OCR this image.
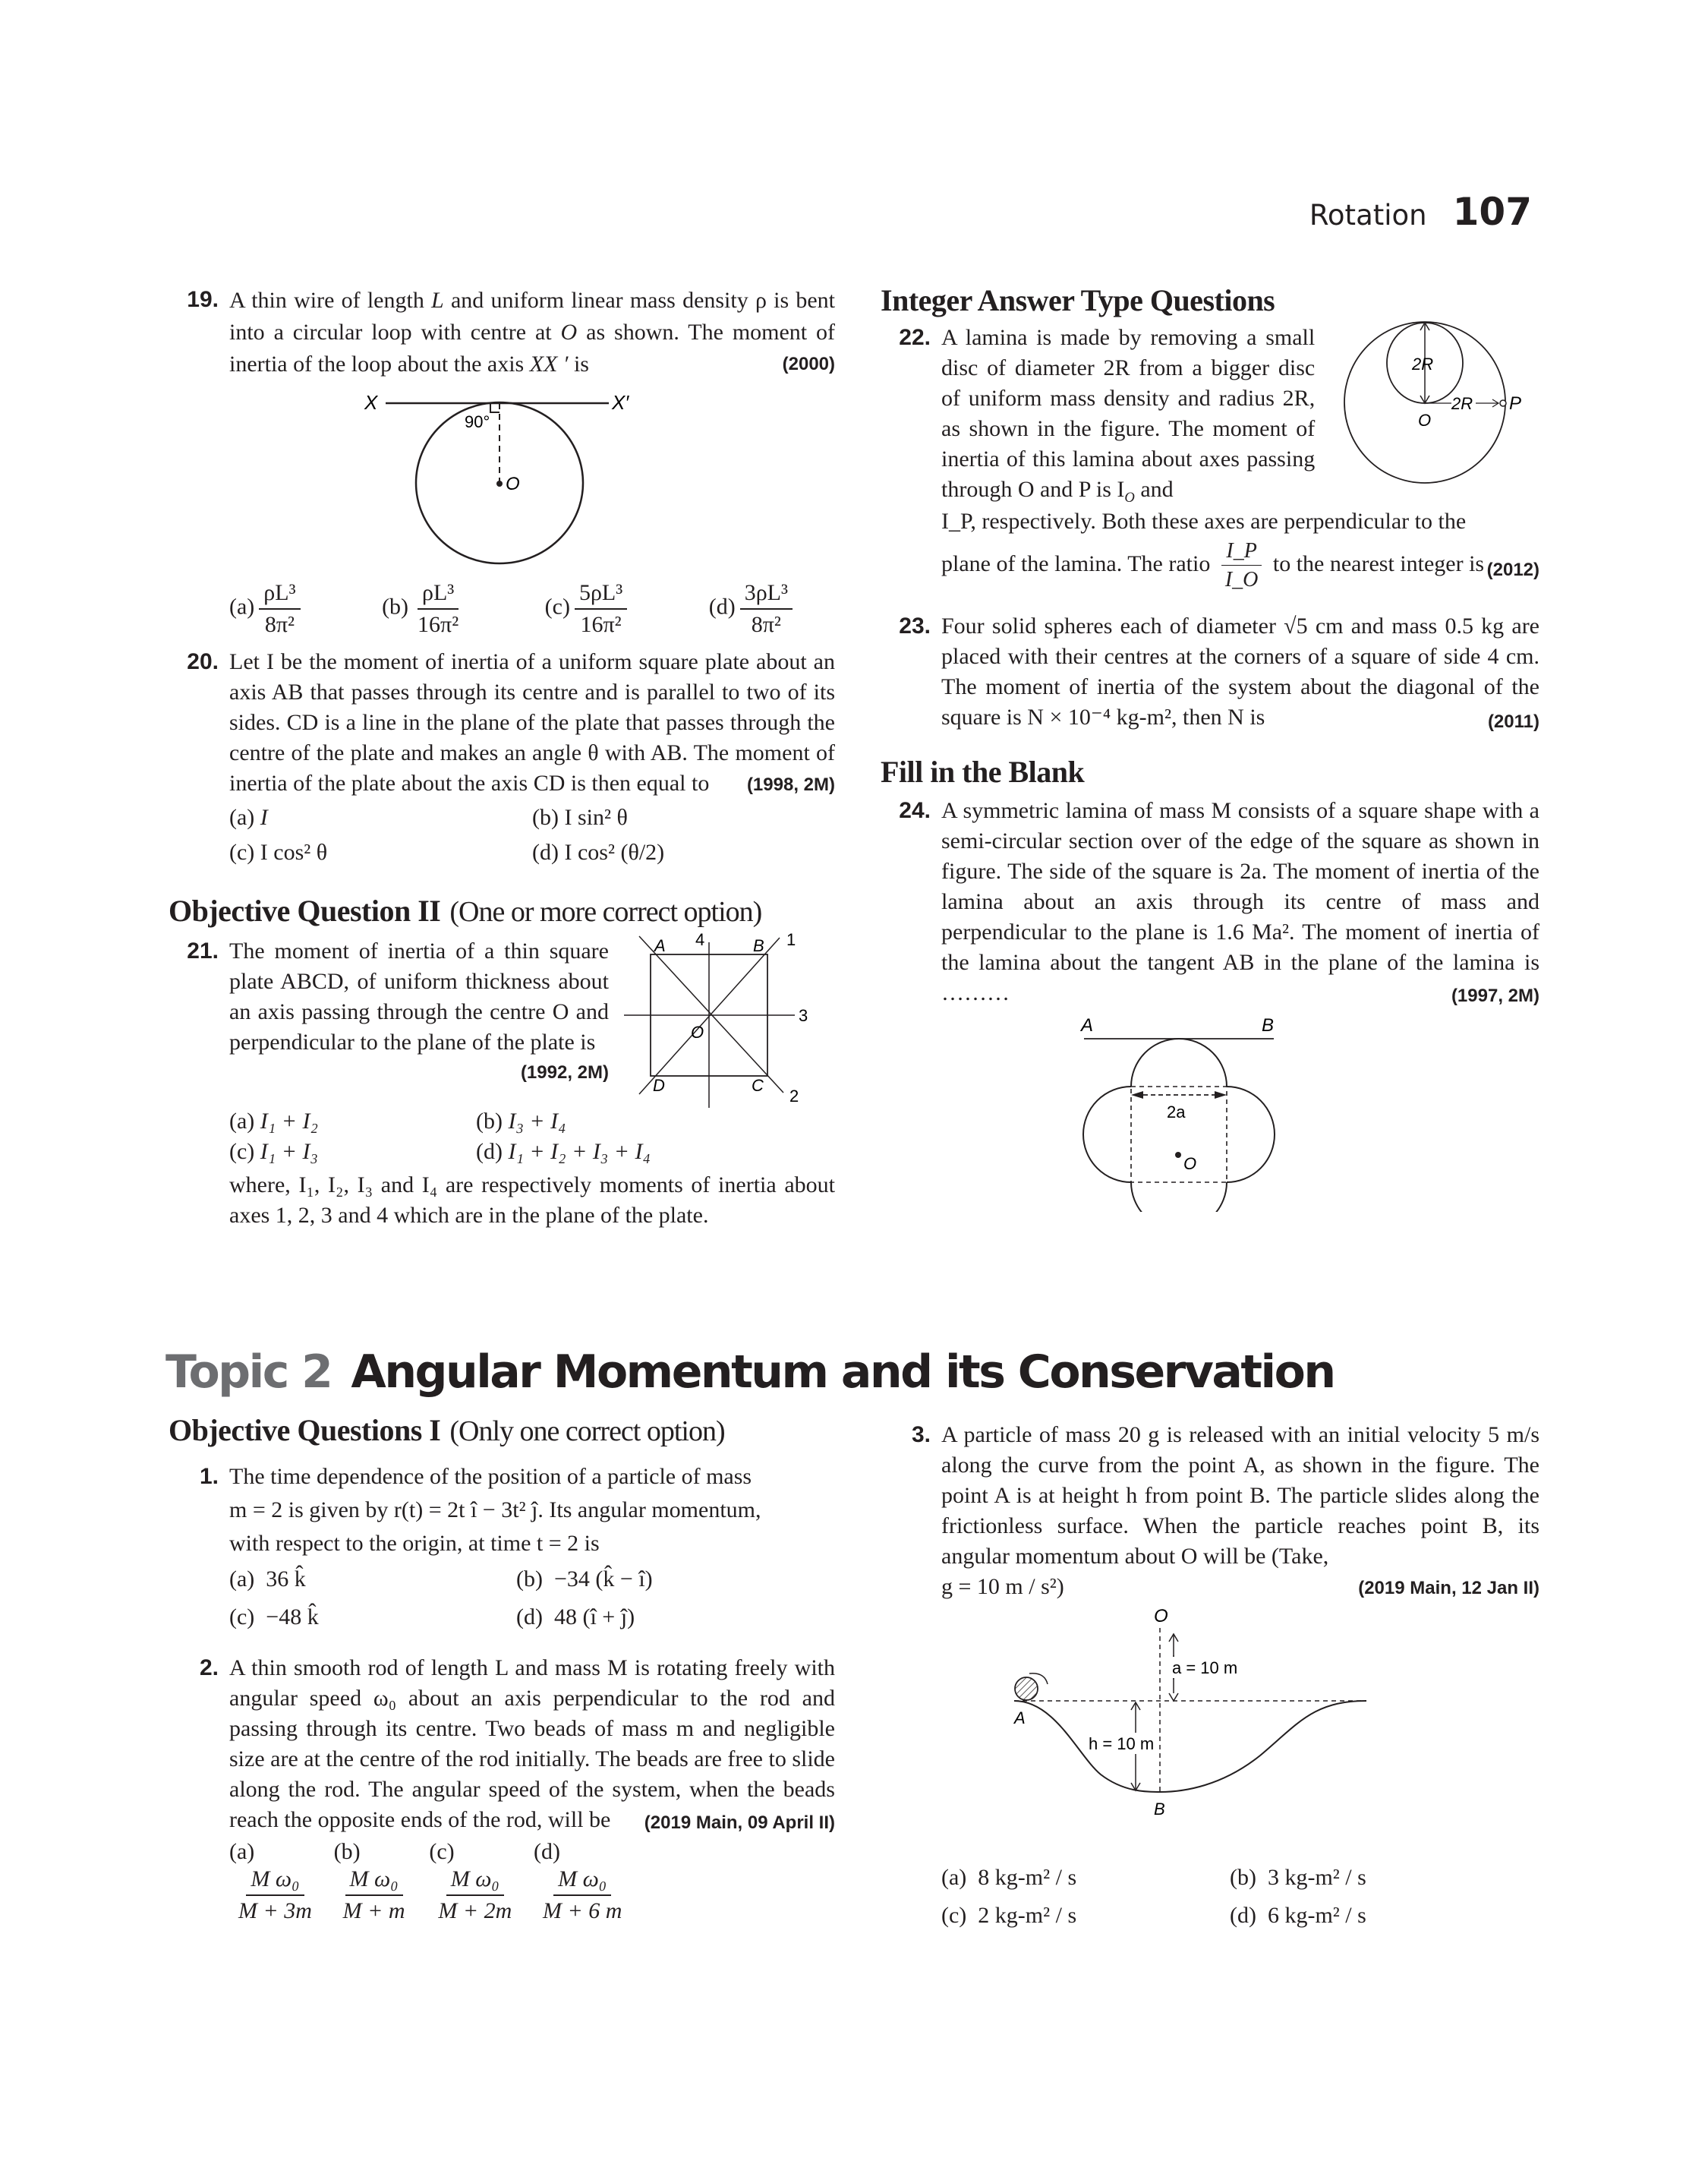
Rotation 107
19. A thin wire of length L and uniform linear mass density ρ is bent into a circular loop with centre at O as shown. The moment of inertia of the loop about the axis XX ′ is	(2000)
X	X′
90°
O
$(a) \frac{\text{ρL³}}{\text{8π²}}$	$(b) \frac{\text{ρL³}}{\text{16π²}}$	$(c) \frac{\text{5ρL³}}{\text{16π²}}$	$(d) \frac{\text{3ρL³}}{\text{8π²}}$
20. Let I be the moment of inertia of a uniform square plate about an axis AB that passes through its centre and is parallel to two of its sides. CD is a line in the plane of the plate that passes through the centre of the plate and makes an angle θ with AB. The moment of inertia of the plate about the axis CD is then equal to (1998, 2M)
(a) I	(b) I sin² θ
(c) I cos² θ	(d) I cos² (θ/2)
Objective Question II (One or more correct option)
21. The moment of inertia of a thin square plate ABCD, of uniform thickness about an axis passing through the centre O and perpendicular to the plane of the plate is
(1992, 2M)
A	B
C
D
O
1
2
3
4
(a) I₁ + I₂	(b) I₃ + I₄
(c) I₁ + I₃	(d) I₁ + I₂ + I₃ + I₄
where, I₁, I₂, I₃ and I₄ are respectively moments of inertia about axes 1, 2, 3 and 4 which are in the plane of the plate.
Integer Answer Type Questions
22. A lamina is made by removing a small disc of diameter 2R from a bigger disc of uniform mass density and radius 2R, as shown in the figure. The moment of inertia of this lamina about axes passing through O and P is $I_O$ and
2R
2R P
O
I_P, respectively. Both these axes are perpendicular to the
plane of the lamina. The ratio $\frac{I\_P}{I\_O}$ to the nearest integer is (2012)
23. Four solid spheres each of diameter √5 cm and mass 0.5 kg are placed with their centres at the corners of a square of side 4 cm. The moment of inertia of the system about the diagonal of the square is N × 10⁻⁴ kg-m², then N is	(2011)
Fill in the Blank
24. A symmetric lamina of mass M consists of a square shape with a semi-circular section over of the edge of the square as shown in figure. The side of the square is 2a. The moment of inertia of the lamina about an axis through its centre of mass and perpendicular to the plane is 1.6 Ma². The moment of inertia of the lamina about the tangent AB in the plane of the lamina is ………	(1997, 2M)
A	B
2a
O
Topic 2 Angular Momentum and its Conservation
Objective Questions I (Only one correct option)
1. The time dependence of the position of a particle of mass
m = 2 is given by r(t) = 2t î − 3t² ĵ. Its angular momentum,
with respect to the origin, at time t = 2 is
(a) 36 k̂	(b) −34 (k̂ − î)
(c) −48 k̂	(d) 48 (î + ĵ)
2. A thin smooth rod of length L and mass M is rotating freely with angular speed ω₀ about an axis perpendicular to the rod and passing through its centre. Two beads of mass m and negligible size are at the centre of the rod initially. The beads are free to slide along the rod. The angular speed of the system, when the beads reach the opposite ends of the rod, will be (2019 Main, 09 April II)
(a)
$\frac{\text{M ω₀}}{M + 3m}$
(b)
$\frac{\text{M ω₀}}{M + m}$
(c)
$\frac{\text{M ω₀}}{M + 2m}$
(d)
$\frac{\text{M ω₀}}{M + 6 m}$
3. A particle of mass 20 g is released with an initial velocity 5 m/s along the curve from the point A, as shown in the figure. The point A is at height h from point B. The particle slides along the frictionless surface. When the particle reaches point B, its angular momentum about O will be (Take,
g = 10 m / s²)	(2019 Main, 12 Jan II)
O
a = 10 m
h = 10 m
A
B
(a) 8 kg-m² / s	(b) 3 kg-m² / s
(c) 2 kg-m² / s	(d) 6 kg-m² / s
